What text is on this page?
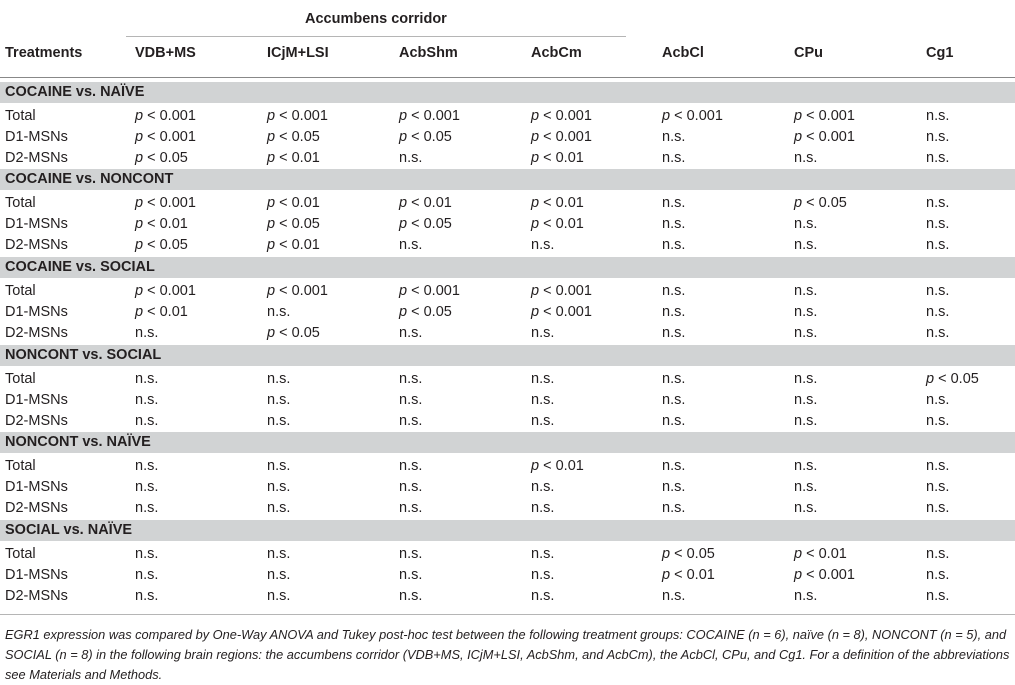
Accumbens corridor
Treatments	VDB+MS	ICjM+LSI	AcbShm	AcbCm	AcbCl	CPu	Cg1
COCAINE vs. NAÏVE
Total	p < 0.001	p < 0.001	p < 0.001	p < 0.001	p < 0.001	p < 0.001	n.s.
D1-MSNs	p < 0.001	p < 0.05	p < 0.05	p < 0.001	n.s.	p < 0.001	n.s.
D2-MSNs	p < 0.05	p < 0.01	n.s.	p < 0.01	n.s.	n.s.	n.s.
COCAINE vs. NONCONT
Total	p < 0.001	p < 0.01	p < 0.01	p < 0.01	n.s.	p < 0.05	n.s.
D1-MSNs	p < 0.01	p < 0.05	p < 0.05	p < 0.01	n.s.	n.s.	n.s.
D2-MSNs	p < 0.05	p < 0.01	n.s.	n.s.	n.s.	n.s.	n.s.
COCAINE vs. SOCIAL
Total	p < 0.001	p < 0.001	p < 0.001	p < 0.001	n.s.	n.s.	n.s.
D1-MSNs	p < 0.01	n.s.	p < 0.05	p < 0.001	n.s.	n.s.	n.s.
D2-MSNs	n.s.	p < 0.05	n.s.	n.s.	n.s.	n.s.	n.s.
NONCONT vs. SOCIAL
Total	n.s.	n.s.	n.s.	n.s.	n.s.	n.s.	p < 0.05
D1-MSNs	n.s.	n.s.	n.s.	n.s.	n.s.	n.s.	n.s.
D2-MSNs	n.s.	n.s.	n.s.	n.s.	n.s.	n.s.	n.s.
NONCONT vs. NAÏVE
Total	n.s.	n.s.	n.s.	p < 0.01	n.s.	n.s.	n.s.
D1-MSNs	n.s.	n.s.	n.s.	n.s.	n.s.	n.s.	n.s.
D2-MSNs	n.s.	n.s.	n.s.	n.s.	n.s.	n.s.	n.s.
SOCIAL vs. NAÏVE
Total	n.s.	n.s.	n.s.	n.s.	p < 0.05	p < 0.01	n.s.
D1-MSNs	n.s.	n.s.	n.s.	n.s.	p < 0.01	p < 0.001	n.s.
D2-MSNs	n.s.	n.s.	n.s.	n.s.	n.s.	n.s.	n.s.
EGR1 expression was compared by One-Way ANOVA and Tukey post-hoc test between the following treatment groups: COCAINE (n = 6), naïve (n = 8), NONCONT (n = 5), and SOCIAL (n = 8) in the following brain regions: the accumbens corridor (VDB+MS, ICjM+LSI, AcbShm, and AcbCm), the AcbCl, CPu, and Cg1. For a definition of the abbreviations see Materials and Methods.
